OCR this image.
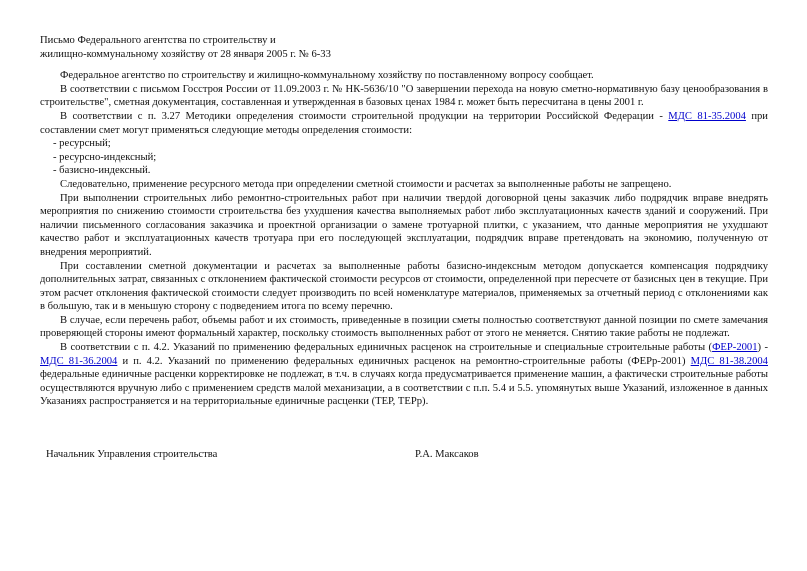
Письмо Федерального агентства по строительству и
жилищно-коммунальному хозяйству от 28 января 2005 г. № 6-33

Федеральное агентство по строительству и жилищно-коммунальному хозяйству по поставленному вопросу сообщает.

В соответствии с письмом Госстроя России от 11.09.2003 г. № НК-5636/10 "О завершении перехода на новую сметно-нормативную базу ценообразования в строительстве", сметная документация, составленная и утвержденная в базовых ценах 1984 г. может быть пересчитана в цены 2001 г.

В соответствии с п. 3.27 Методики определения стоимости строительной продукции на территории Российской Федерации - МДС 81-35.2004 при составлении смет могут применяться следующие методы определения стоимости:

- ресурсный;

- ресурсно-индексный;

- базисно-индексный.

Следовательно, применение ресурсного метода при определении сметной стоимости и расчетах за выполненные работы не запрещено.

При выполнении строительных либо ремонтно-строительных работ при наличии твердой договорной цены заказчик либо подрядчик вправе внедрять мероприятия по снижению стоимости строительства без ухудшения качества выполняемых работ либо эксплуатационных качеств зданий и сооружений. При наличии письменного согласования заказчика и проектной организации о замене тротуарной плитки, с указанием, что данные мероприятия не ухудшают качество работ и эксплуатационных качеств тротуара при его последующей эксплуатации, подрядчик вправе претендовать на экономию, полученную от внедрения мероприятий.

При составлении сметной документации и расчетах за выполненные работы базисно-индексным методом допускается компенсация подрядчику дополнительных затрат, связанных с отклонением фактической стоимости ресурсов от стоимости, определенной при пересчете от базисных цен в текущие. При этом расчет отклонения фактической стоимости следует производить по всей номенклатуре материалов, применяемых за отчетный период с отклонениями как в большую, так и в меньшую сторону с подведением итога по всему перечню.

В случае, если перечень работ, объемы работ и их стоимость, приведенные в позиции сметы полностью соответствуют данной позиции по смете замечания проверяющей стороны имеют формальный характер, поскольку стоимость выполненных работ от этого не меняется. Снятию такие работы не подлежат.

В соответствии с п. 4.2. Указаний по применению федеральных единичных расценок на строительные и специальные строительные работы (ФЕР-2001) - МДС 81-36.2004 и п. 4.2. Указаний по применению федеральных единичных расценок на ремонтно-строительные работы (ФЕРр-2001) МДС 81-38.2004 федеральные единичные расценки корректировке не подлежат, в т.ч. в случаях когда предусматривается применение машин, а фактически строительные работы осуществляются вручную либо с применением средств малой механизации, а в соответствии с п.п. 5.4 и 5.5. упомянутых выше Указаний, изложенное в данных Указаниях распространяется и на территориальные единичные расценки (ТЕР, ТЕРр).

Начальник Управления строительства	Р.А. Максаков
